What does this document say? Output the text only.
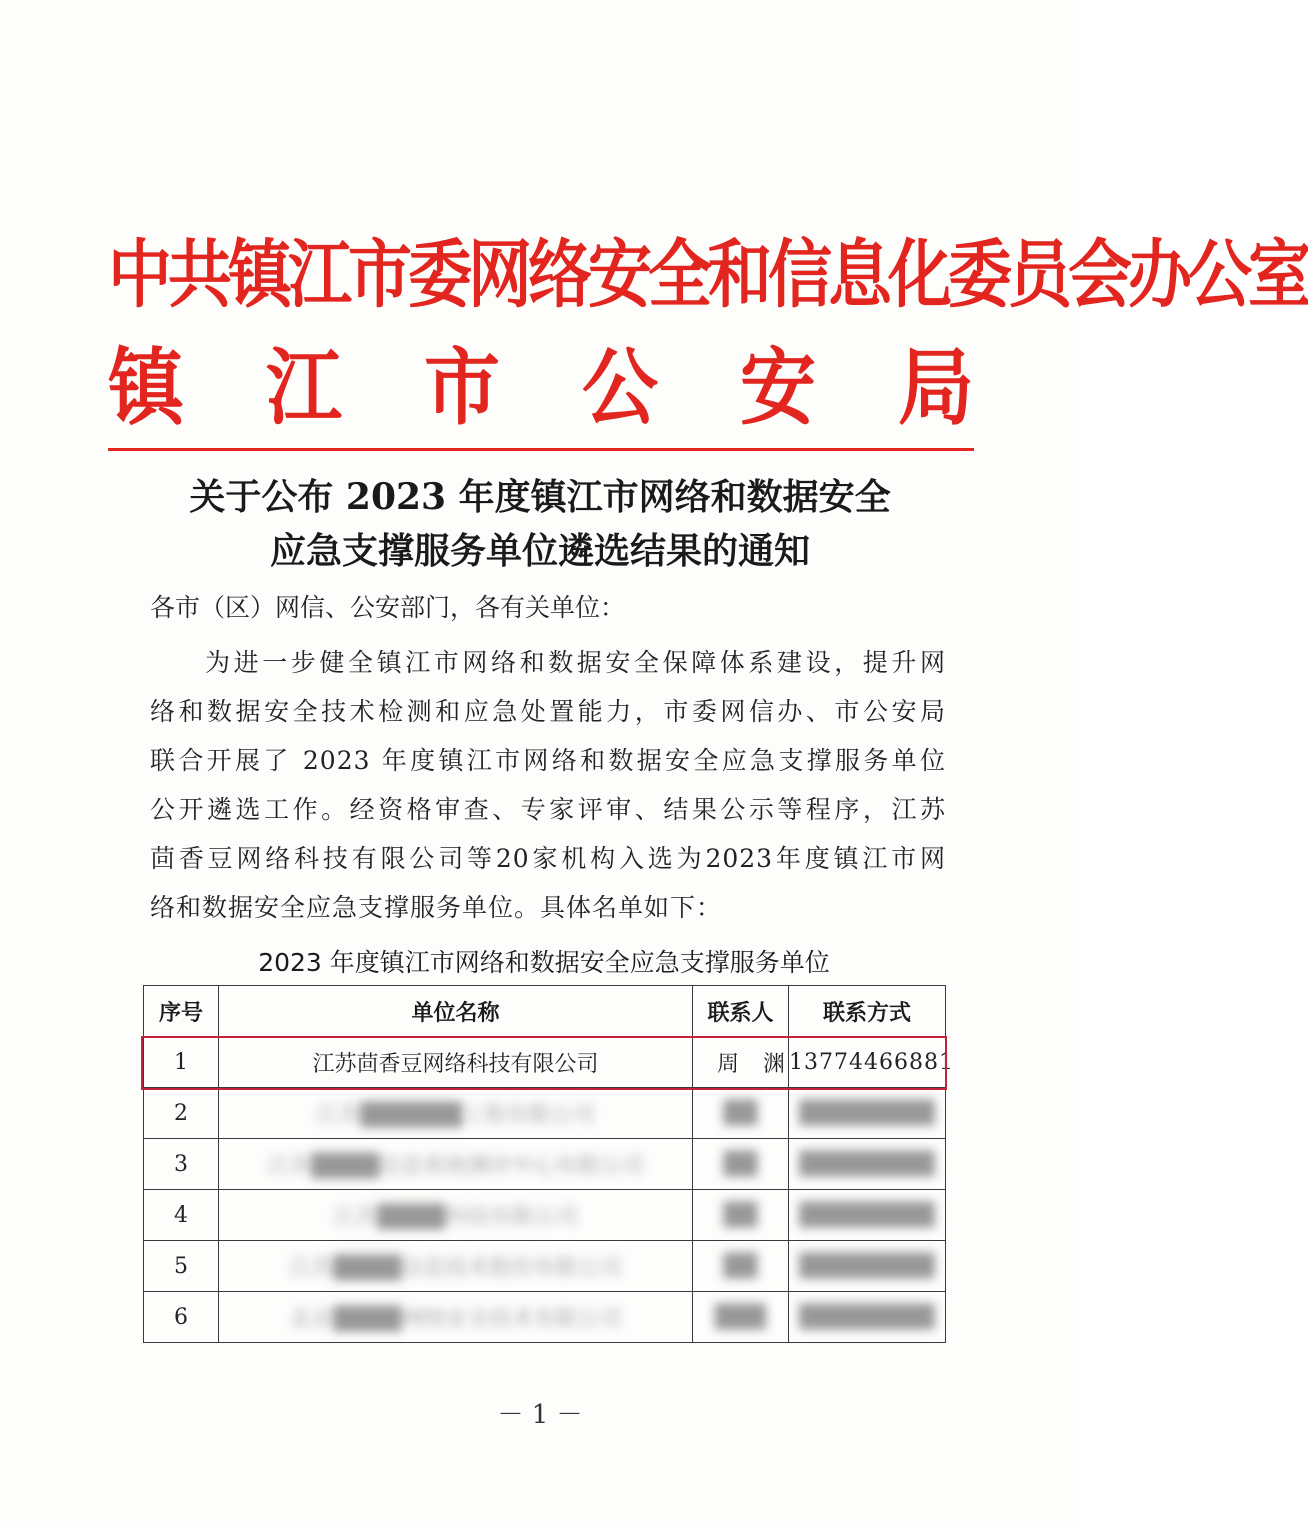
中共镇江市委网络安全和信息化委员会办公室
镇 江 市 公 安 局
关于公布 2023 年度镇江市网络和数据安全
应急支撑服务单位遴选结果的通知
各市（区）网信、公安部门，各有关单位：
为进一步健全镇江市网络和数据安全保障体系建设，提升网
络和数据安全技术检测和应急处置能力，市委网信办、市公安局
联合开展了 2023 年度镇江市网络和数据安全应急支撑服务单位
公开遴选工作。经资格审查、专家评审、结果公示等程序，江苏
茴香豆网络科技有限公司等20家机构入选为2023年度镇江市网
络和数据安全应急支撑服务单位。具体名单如下：
2023 年度镇江市网络和数据安全应急支撑服务单位
序号	单位名称	联系人	联系方式
1	江苏茴香豆网络科技有限公司	周渊	13774466881
2	江苏██████工程有限公司	██	████████
3	江苏████信息系统测评中心有限公司	██	████████
4	江苏████科技有限公司	██	████████
5	江苏████信息技术股份有限公司	██	████████
6	北京████网络安全技术有限公司	███	████████
－ 1 －
